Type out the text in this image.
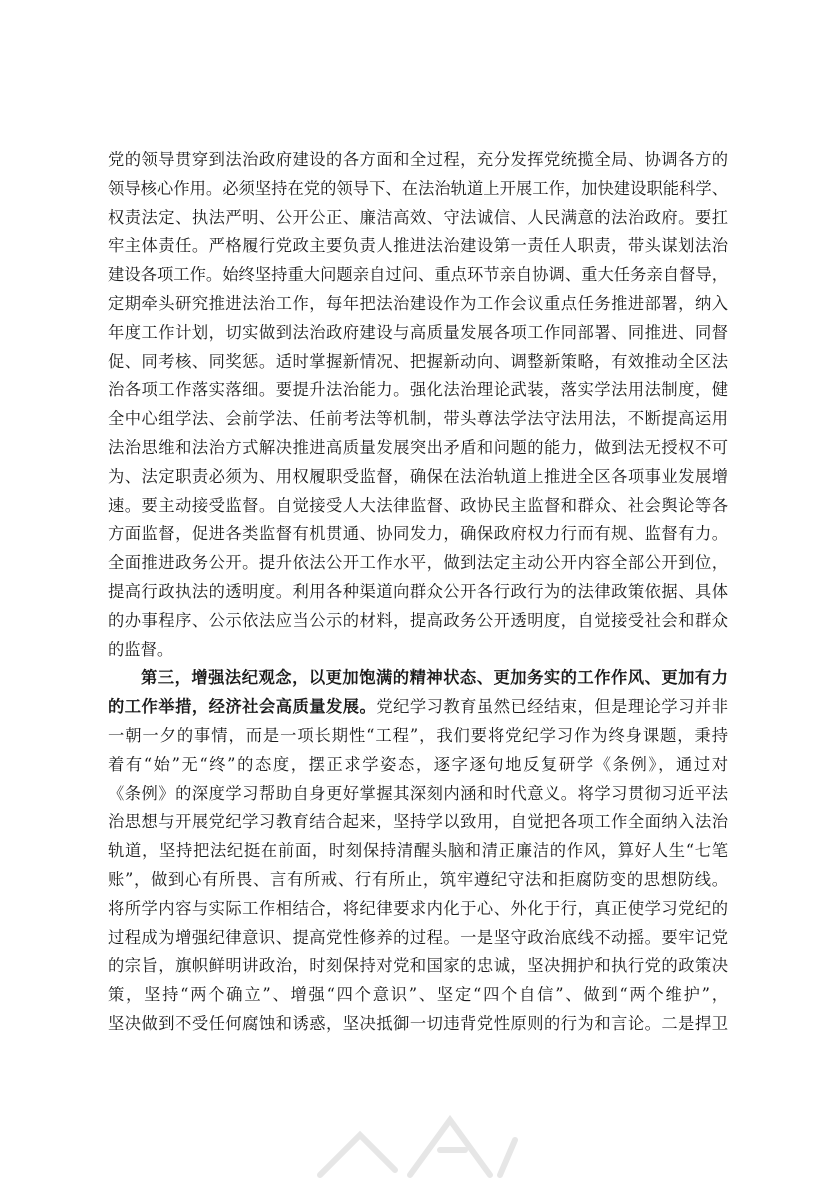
党的领导贯穿到法治政府建设的各方面和全过程，充分发挥党统揽全局、协调各方的
领导核心作用。必须坚持在党的领导下、在法治轨道上开展工作，加快建设职能科学、
权责法定、执法严明、公开公正、廉洁高效、守法诚信、人民满意的法治政府。要扛
牢主体责任。严格履行党政主要负责人推进法治建设第一责任人职责，带头谋划法治
建设各项工作。始终坚持重大问题亲自过问、重点环节亲自协调、重大任务亲自督导，
定期牵头研究推进法治工作，每年把法治建设作为工作会议重点任务推进部署，纳入
年度工作计划，切实做到法治政府建设与高质量发展各项工作同部署、同推进、同督
促、同考核、同奖惩。适时掌握新情况、把握新动向、调整新策略，有效推动全区法
治各项工作落实落细。要提升法治能力。强化法治理论武装，落实学法用法制度，健
全中心组学法、会前学法、任前考法等机制，带头尊法学法守法用法，不断提高运用
法治思维和法治方式解决推进高质量发展突出矛盾和问题的能力，做到法无授权不可
为、法定职责必须为、用权履职受监督，确保在法治轨道上推进全区各项事业发展增
速。要主动接受监督。自觉接受人大法律监督、政协民主监督和群众、社会舆论等各
方面监督，促进各类监督有机贯通、协同发力，确保政府权力行而有规、监督有力。
全面推进政务公开。提升依法公开工作水平，做到法定主动公开内容全部公开到位，
提高行政执法的透明度。利用各种渠道向群众公开各行政行为的法律政策依据、具体
的办事程序、公示依法应当公示的材料，提高政务公开透明度，自觉接受社会和群众
的监督。
第三，增强法纪观念，以更加饱满的精神状态、更加务实的工作作风、更加有力
的工作举措，经济社会高质量发展。党纪学习教育虽然已经结束，但是理论学习并非
一朝一夕的事情，而是一项长期性“工程”，我们要将党纪学习作为终身课题，秉持
着有“始”无“终”的态度，摆正求学姿态，逐字逐句地反复研学《条例》，通过对
《条例》的深度学习帮助自身更好掌握其深刻内涵和时代意义。将学习贯彻习近平法
治思想与开展党纪学习教育结合起来，坚持学以致用，自觉把各项工作全面纳入法治
轨道，坚持把法纪挺在前面，时刻保持清醒头脑和清正廉洁的作风，算好人生“七笔
账”，做到心有所畏、言有所戒、行有所止，筑牢遵纪守法和拒腐防变的思想防线。
将所学内容与实际工作相结合，将纪律要求内化于心、外化于行，真正使学习党纪的
过程成为增强纪律意识、提高党性修养的过程。一是坚守政治底线不动摇。要牢记党
的宗旨，旗帜鲜明讲政治，时刻保持对党和国家的忠诚，坚决拥护和执行党的政策决
策，坚持“两个确立”、增强“四个意识”、坚定“四个自信”、做到“两个维护”，
坚决做到不受任何腐蚀和诱惑，坚决抵御一切违背党性原则的行为和言论。二是捍卫
